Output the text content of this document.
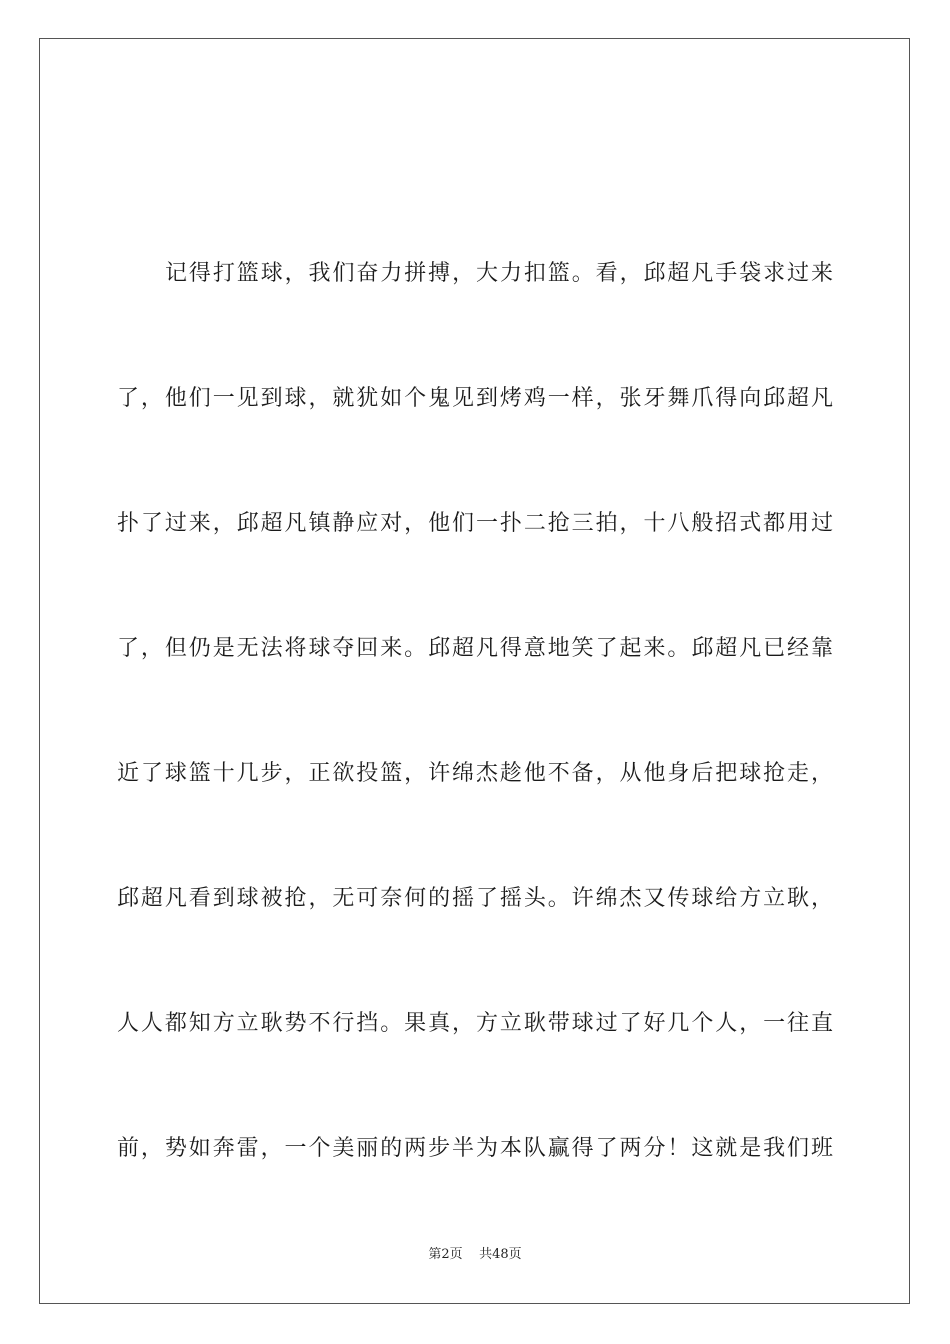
记得打篮球，我们奋力拼搏，大力扣篮。看，邱超凡手袋求过来
了，他们一见到球，就犹如个鬼见到烤鸡一样，张牙舞爪得向邱超凡
扑了过来，邱超凡镇静应对，他们一扑二抢三拍，十八般招式都用过
了，但仍是无法将球夺回来。邱超凡得意地笑了起来。邱超凡已经靠
近了球篮十几步，正欲投篮，许绵杰趁他不备，从他身后把球抢走，
邱超凡看到球被抢，无可奈何的摇了摇头。许绵杰又传球给方立耿，
人人都知方立耿势不行挡。果真，方立耿带球过了好几个人，一往直
前，势如奔雷，一个美丽的两步半为本队赢得了两分！这就是我们班
第2页 共48页
